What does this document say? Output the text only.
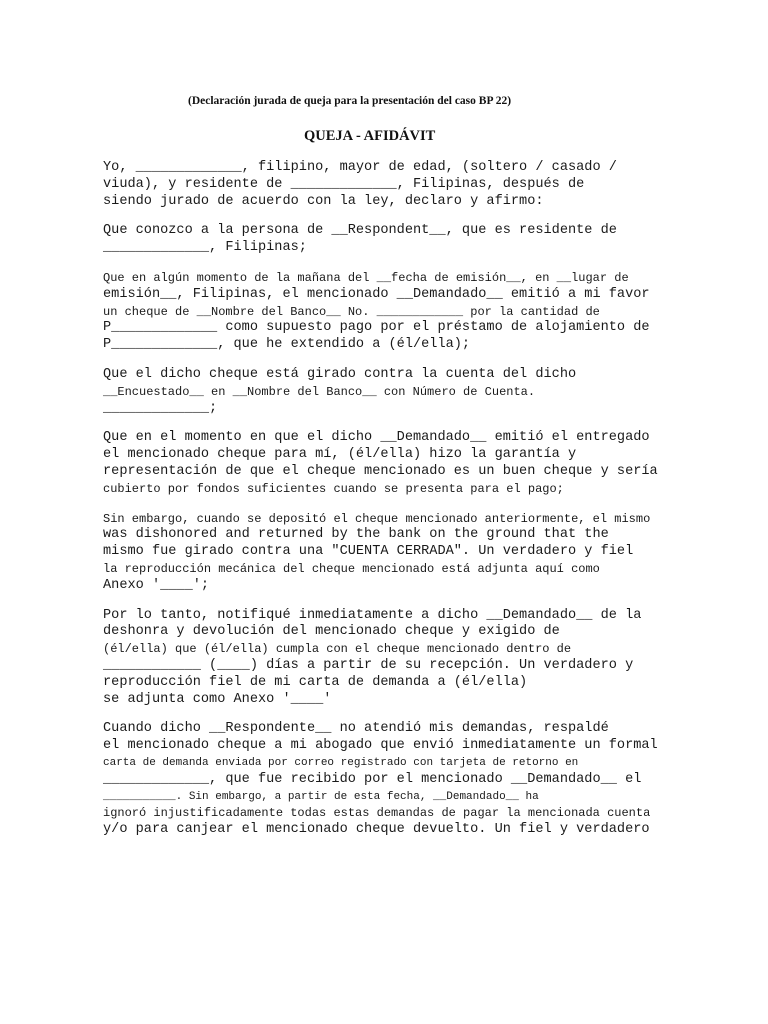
(Declaración jurada de queja para la presentación del caso BP 22)
QUEJA - AFIDÁVIT
Yo, _____________, filipino, mayor de edad, (soltero / casado /
viuda), y residente de _____________, Filipinas, después de
siendo jurado de acuerdo con la ley, declaro y afirmo:
Que conozco a la persona de __Respondent__, que es residente de
_____________, Filipinas;
Que en algún momento de la mañana del __fecha de emisión__, en __lugar de
emisión__, Filipinas, el mencionado __Demandado__ emitió a mi favor
un cheque de __Nombre del Banco__ No. ____________ por la cantidad de
P_____________ como supuesto pago por el préstamo de alojamiento de
P_____________, que he extendido a (él/ella);
Que el dicho cheque está girado contra la cuenta del dicho
__Encuestado__ en __Nombre del Banco__ con Número de Cuenta.
_____________;
Que en el momento en que el dicho __Demandado__ emitió el entregado
el mencionado cheque para mí, (él/ella) hizo la garantía y
representación de que el cheque mencionado es un buen cheque y sería
cubierto por fondos suficientes cuando se presenta para el pago;
Sin embargo, cuando se depositó el cheque mencionado anteriormente, el mismo
was dishonored and returned by the bank on the ground that the
mismo fue girado contra una "CUENTA CERRADA". Un verdadero y fiel
la reproducción mecánica del cheque mencionado está adjunta aquí como
Anexo '____';
Por lo tanto, notifiqué inmediatamente a dicho __Demandado__ de la
deshonra y devolución del mencionado cheque y exigido de
(él/ella) que (él/ella) cumpla con el cheque mencionado dentro de
____________ (____) días a partir de su recepción. Un verdadero y
reproducción fiel de mi carta de demanda a (él/ella)
se adjunta como Anexo '____'
Cuando dicho __Respondente__ no atendió mis demandas, respaldé
el mencionado cheque a mi abogado que envió inmediatamente un formal
carta de demanda enviada por correo registrado con tarjeta de retorno en
_____________, que fue recibido por el mencionado __Demandado__ el
___________. Sin embargo, a partir de esta fecha, __Demandado__ ha
ignoró injustificadamente todas estas demandas de pagar la mencionada cuenta
y/o para canjear el mencionado cheque devuelto. Un fiel y verdadero
